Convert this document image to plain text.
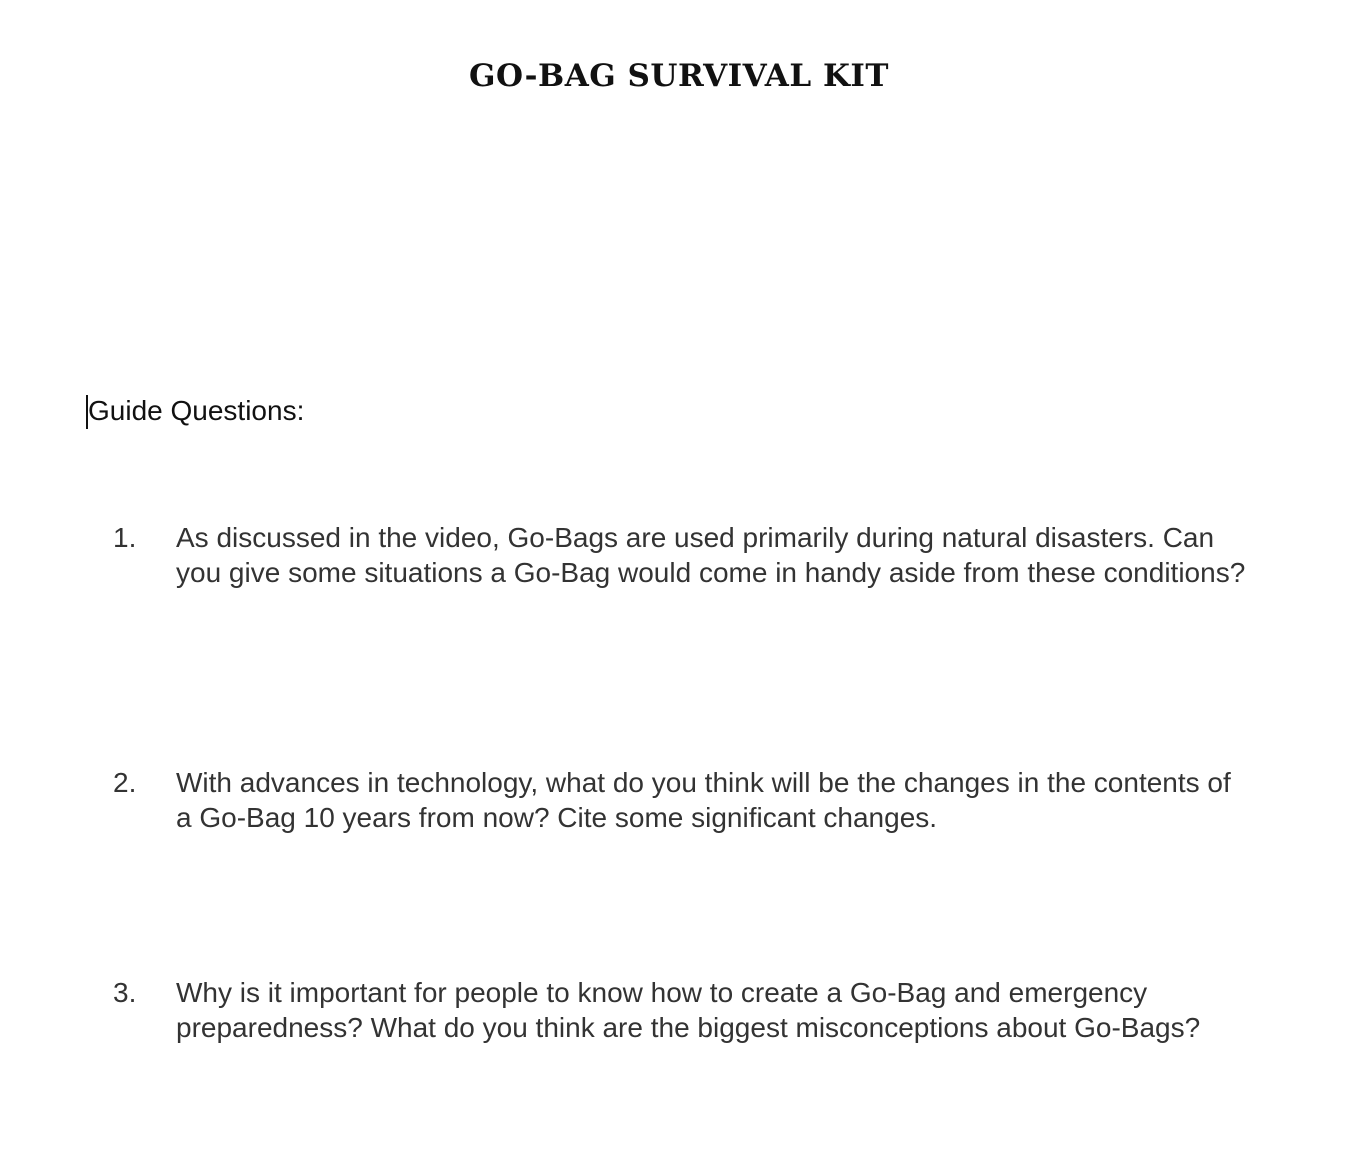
GO-BAG SURVIVAL KIT
Guide Questions:
1.	As discussed in the video, Go-Bags are used primarily during natural disasters. Can you give some situations a Go-Bag would come in handy aside from these conditions?
2.	With advances in technology, what do you think will be the changes in the contents of a Go-Bag 10 years from now? Cite some significant changes.
3.	Why is it important for people to know how to create a Go-Bag and emergency preparedness? What do you think are the biggest misconceptions about Go-Bags?
